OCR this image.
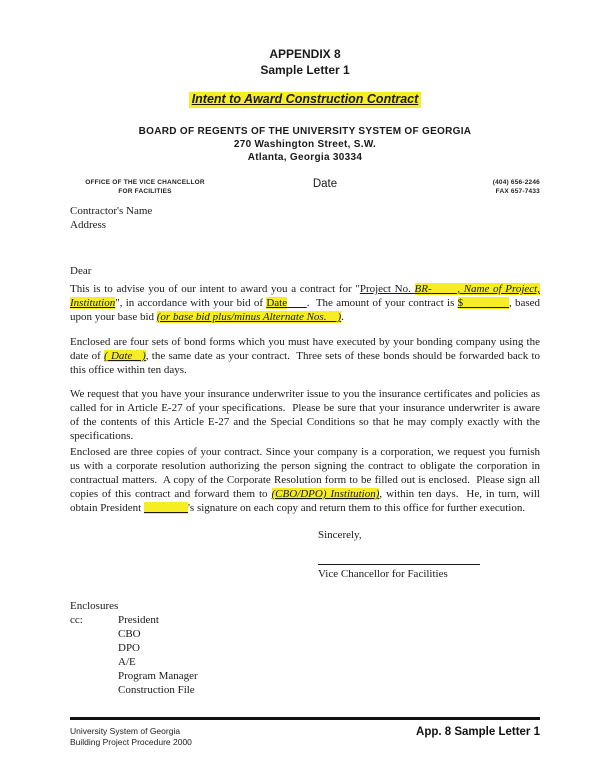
APPENDIX 8
Sample Letter 1
Intent to Award Construction Contract
BOARD OF REGENTS OF THE UNIVERSITY SYSTEM OF GEORGIA
270 Washington Street, S.W.
Atlanta, Georgia 30334
OFFICE OF THE VICE CHANCELLOR
FOR FACILITIES
Date	(404) 656-2246
FAX 657-7433
Contractor's Name
Address
Dear

This is to advise you of our intent to award you a contract for "Project No. BR- , Name of Project, Institution", in accordance with your bid of Date .  The amount of your contract is $              , based upon your base bid (or base bid plus/minus Alternate Nos.    ).

Enclosed are four sets of bond forms which you must have executed by your bonding company using the date of ( Date   ), the same date as your contract.  Three sets of these bonds should be forwarded back to this office within ten days.

We request that you have your insurance underwriter issue to you the insurance certificates and policies as called for in Article E-27 of your specifications.  Please be sure that your insurance underwriter is aware of the contents of this Article E-27 and the Special Conditions so that he may comply exactly with the specifications.

Enclosed are three copies of your contract. Since your company is a corporation, we request you furnish us with a corporate resolution authorizing the person signing the contract to obligate the corporation in contractual matters.  A copy of the Corporate Resolution form to be filled out is enclosed.  Please sign all copies of this contract and forward them to (CBO/DPO) Institution), within ten days.  He, in turn, will obtain President	's signature on each copy and return them to this office for further execution.

Sincerely,
Vice Chancellor for Facilities
Enclosures
cc:	President
CBO
DPO
A/E
Program Manager
Construction File
University System of Georgia
Building Project Procedure 2000
App. 8 Sample Letter 1
